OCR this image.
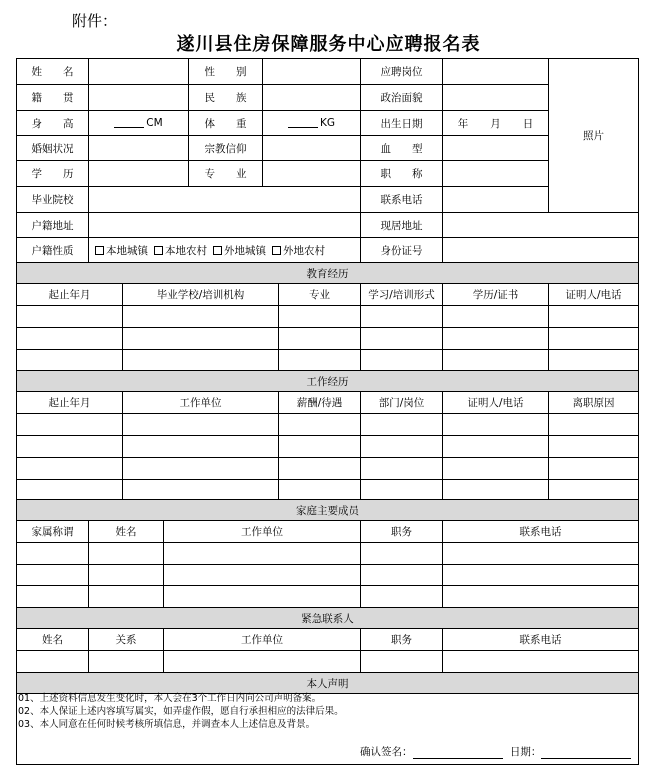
附件：
遂川县住房保障服务中心应聘报名表
姓　　名	性　　别	应聘岗位
籍　　贯	民　　族	政治面貌
身　　高	CM	体　　重	KG	出生日期	年 月 日
婚姻状况	宗教信仰	血　　型
学　　历	专　　业	职　　称
照片
毕业院校	联系电话
户籍地址	现居地址
户籍性质	本地城镇	本地农村	外地城镇	外地农村	身份证号
教育经历
起止年月	毕业学校/培训机构	专业	学习/培训形式	学历/证书	证明人/电话
工作经历
起止年月	工作单位	薪酬/待遇	部门/岗位	证明人/电话	离职原因
家庭主要成员
家属称谓	姓名	工作单位	职务	联系电话
紧急联系人
姓名	关系	工作单位	职务	联系电话
本人声明
01、上述资料信息发生变化时，本人会在3个工作日内向公司声明备案。
02、本人保证上述内容填写属实，如弄虚作假，愿自行承担相应的法律后果。
03、本人同意在任何时候考核所填信息，并调查本人上述信息及背景。
确认签名：	日期：
